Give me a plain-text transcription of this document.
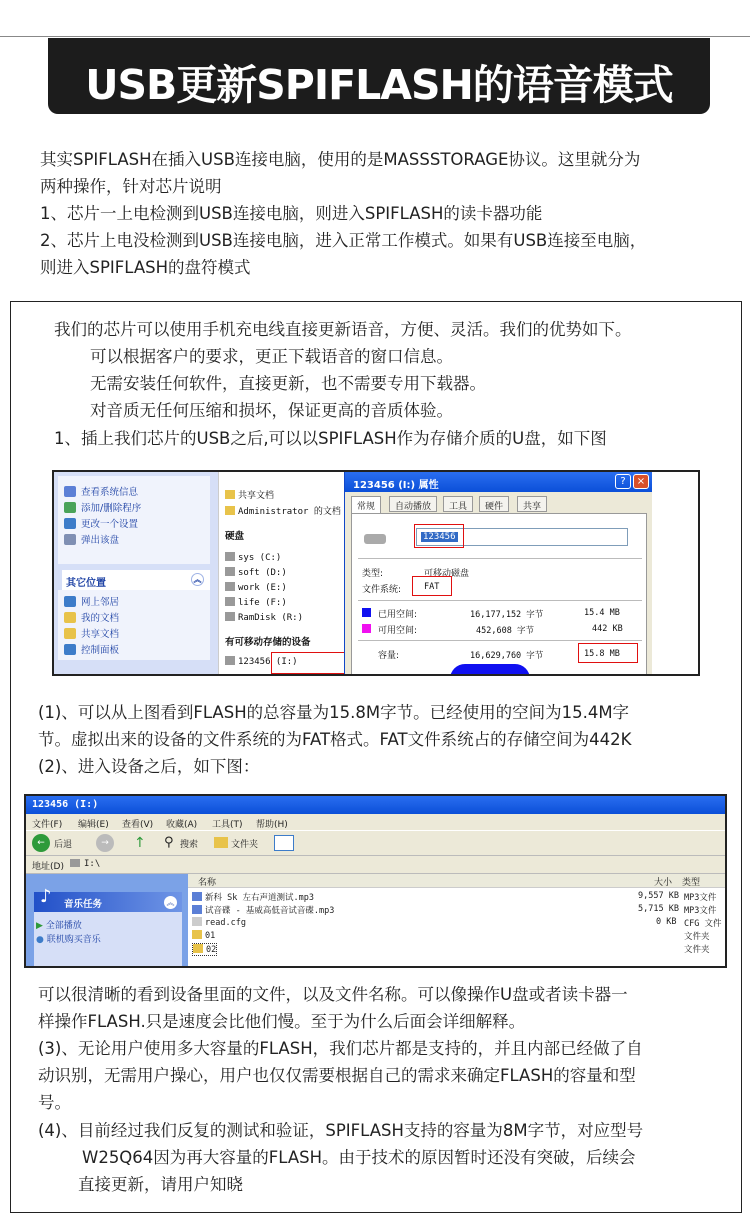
USB更新SPIFLASH的语音模式
其实SPIFLASH在插入USB连接电脑，使用的是MASSSTORAGE协议。这里就分为
两种操作，针对芯片说明
1、芯片一上电检测到USB连接电脑，则进入SPIFLASH的读卡器功能
2、芯片上电没检测到USB连接电脑，进入正常工作模式。如果有USB连接至电脑，
则进入SPIFLASH的盘符模式
我们的芯片可以使用手机充电线直接更新语音，方便、灵活。我们的优势如下。
可以根据客户的要求，更正下载语音的窗口信息。
无需安装任何软件，直接更新，也不需要专用下载器。
对音质无任何压缩和损坏，保证更高的音质体验。
1、插上我们芯片的USB之后,可以以SPIFLASH作为存储介质的U盘，如下图
查看系统信息
添加/删除程序
更改一个设置
弹出该盘
其它位置	︽
网上邻居
我的文档
共享文档
控制面板
共享文档
Administrator 的文档
硬盘
sys (C:)
soft (D:)
work (E:)
life (F:)
RamDisk (R:)
有可移动存储的设备
123456 (I:)
123456 (I:) 属性	?	×
常规	自动播放	工具	硬件	共享
123456
类型:	可移动磁盘
文件系统:	FAT
已用空间:	16,177,152 字节	15.4 MB
可用空间:	452,608 字节	442 KB
容量:	16,629,760 字节	15.8 MB
(1)、可以从上图看到FLASH的总容量为15.8M字节。已经使用的空间为15.4M字
节。虚拟出来的设备的文件系统的为FAT格式。FAT文件系统占的存储空间为442K
(2)、进入设备之后，如下图：
123456 (I:)
文件(F) 编辑(E) 查看(V) 收藏(A) 工具(T) 帮助(H)
←	后退	→	↑ ⚲ 搜索	文件夹
地址(D) I:\
音乐任务
♪	︽
▶ 全部播放
● 联机购买音乐
名称	大小 类型
新科 Sk 左右声道测试.mp3	9,557 KB MP3文件
试音碟 - 基威高低音试音碟.mp3	5,715 KB MP3文件
read.cfg	0 KB CFG 文件
01	文件夹
02	文件夹
可以很清晰的看到设备里面的文件，以及文件名称。可以像操作U盘或者读卡器一
样操作FLASH.只是速度会比他们慢。至于为什么后面会详细解释。
(3)、无论用户使用多大容量的FLASH，我们芯片都是支持的，并且内部已经做了自
动识别，无需用户操心，用户也仅仅需要根据自己的需求来确定FLASH的容量和型
号。
(4)、目前经过我们反复的测试和验证，SPIFLASH支持的容量为8M字节，对应型号
W25Q64因为再大容量的FLASH。由于技术的原因暂时还没有突破，后续会
直接更新，请用户知晓
